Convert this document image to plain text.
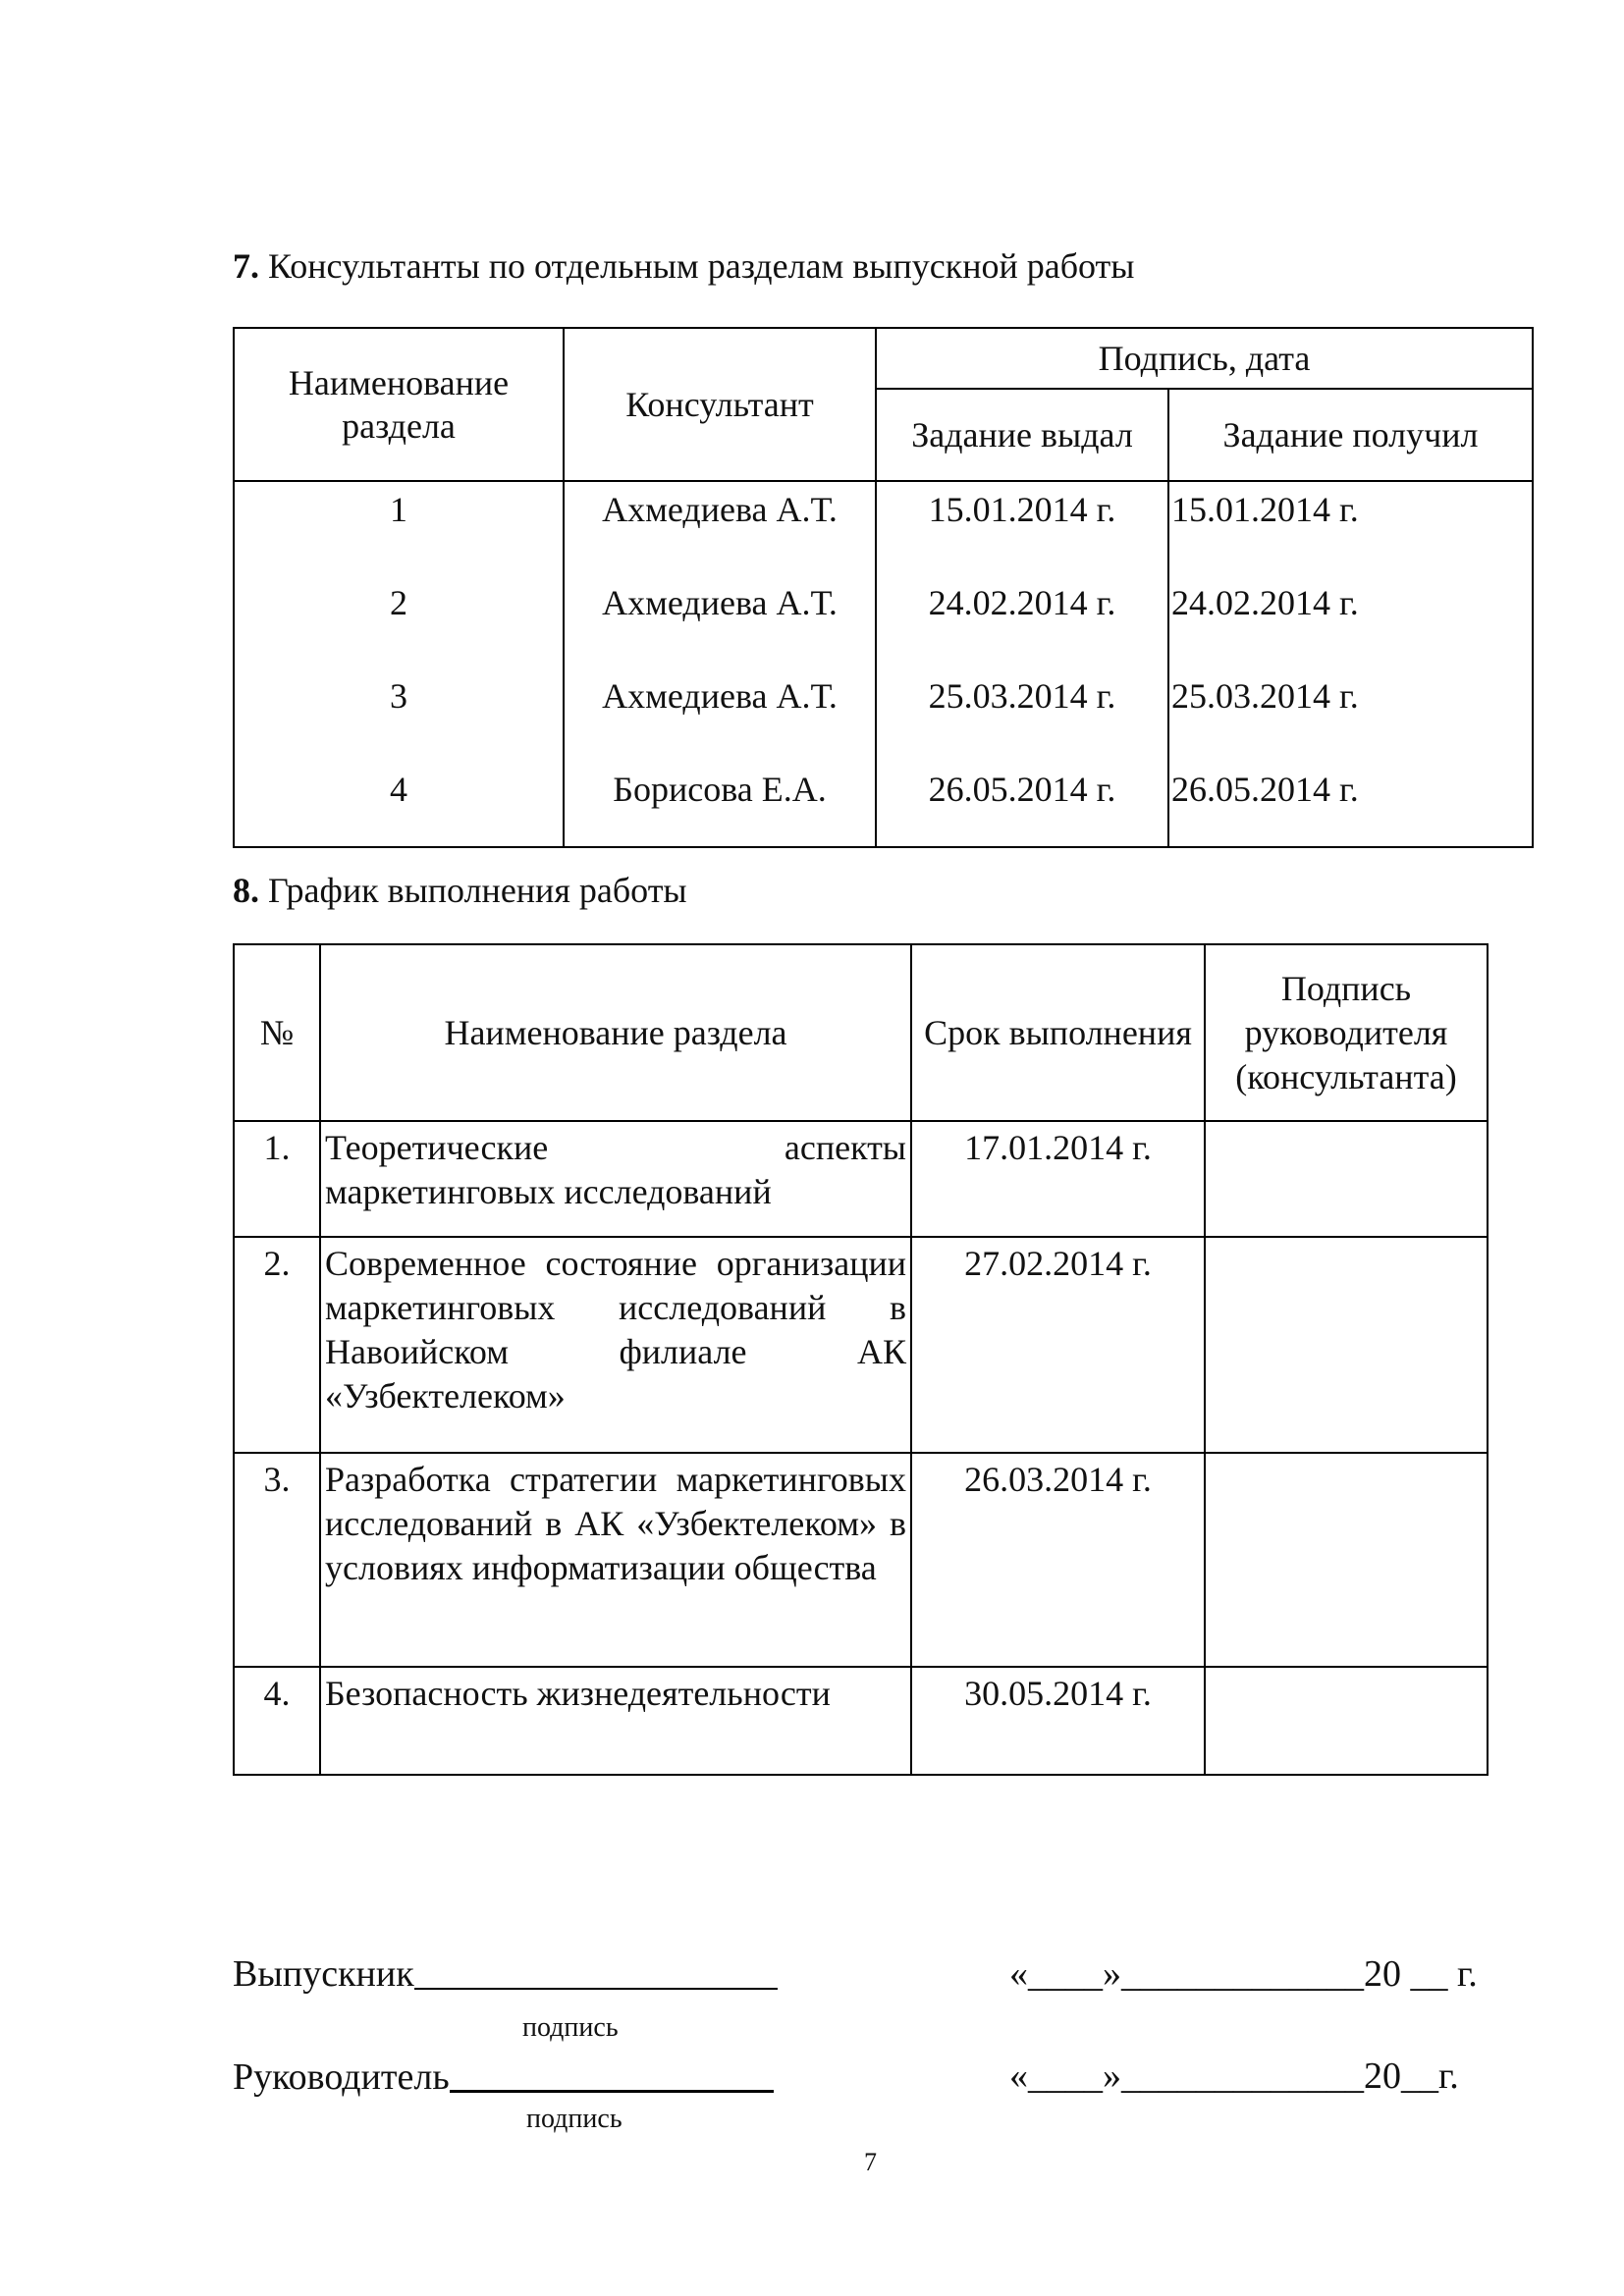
7. Консультанты по отдельным разделам выпускной работы
Наименование раздела	Консультант	Подпись, дата	
		Задание выдал	Задание получил
1	Ахмедиева А.Т.	15.01.2014 г.	15.01.2014 г.
2	Ахмедиева А.Т.	24.02.2014 г.	24.02.2014 г.
3	Ахмедиева А.Т.	25.03.2014 г.	25.03.2014 г.
4	Борисова Е.А.	26.05.2014 г.	26.05.2014 г.
8. График выполнения работы
№	Наименование раздела	Срок выполнения	Подпись руководителя (консультанта)
1.	Теоретические аспекты маркетинговых исследований	17.01.2014 г.	
2.	Современное состояние организации маркетинговых исследований в Навоийском филиале АК «Узбектелеком»	27.02.2014 г.	
3.	Разработка стратегии маркетинговых исследований в АК «Узбектелеком» в условиях информатизации общества	26.03.2014 г.	
4.	Безопасность жизнедеятельности	30.05.2014 г.	
Выпускник
подпись
«____»_____________20 __ г.
Руководитель
подпись
«____»_____________20__г.
7
